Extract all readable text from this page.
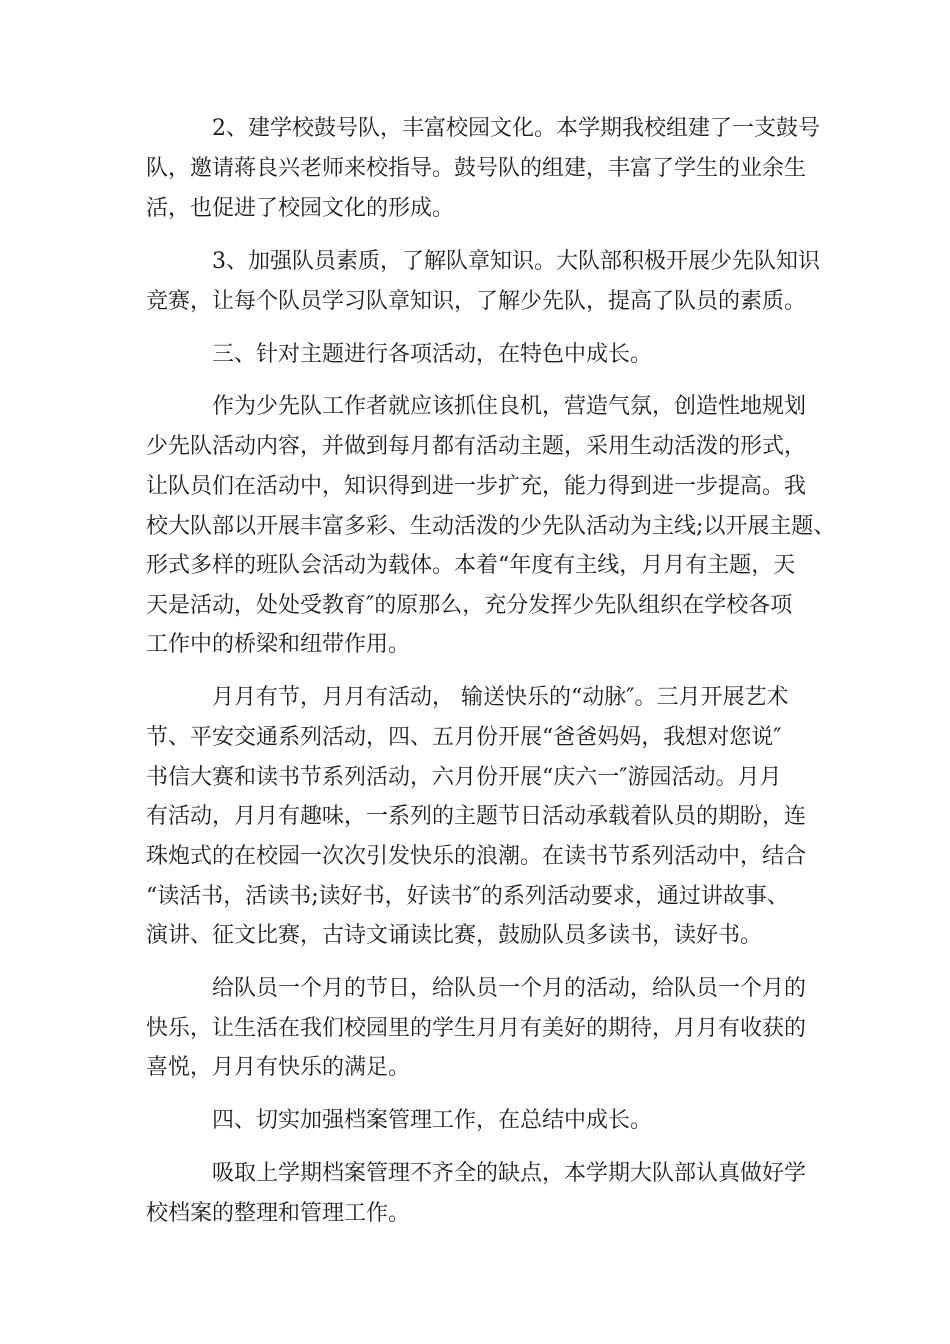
2、建学校鼓号队，丰富校园文化。本学期我校组建了一支鼓号

队，邀请蒋良兴老师来校指导。鼓号队的组建，丰富了学生的业余生

活，也促进了校园文化的形成。

3、加强队员素质，了解队章知识。大队部积极开展少先队知识

竞赛，让每个队员学习队章知识，了解少先队，提高了队员的素质。

三、针对主题进行各项活动，在特色中成长。

作为少先队工作者就应该抓住良机，营造气氛，创造性地规划

少先队活动内容，并做到每月都有活动主题，采用生动活泼的形式，

让队员们在活动中，知识得到进一步扩充，能力得到进一步提高。我

校大队部以开展丰富多彩、生动活泼的少先队活动为主线;以开展主题、

形式多样的班队会活动为载体。本着“年度有主线，月月有主题，天

天是活动，处处受教育″的原那么，充分发挥少先队组织在学校各项

工作中的桥梁和纽带作用。

月月有节，月月有活动， 输送快乐的“动脉″。三月开展艺术

节、平安交通系列活动，四、五月份开展“爸爸妈妈，我想对您说″

书信大赛和读书节系列活动，六月份开展“庆六一″游园活动。月月

有活动，月月有趣味，一系列的主题节日活动承载着队员的期盼，连

珠炮式的在校园一次次引发快乐的浪潮。在读书节系列活动中，结合

“读活书，活读书;读好书，好读书″的系列活动要求，通过讲故事、

演讲、征文比赛，古诗文诵读比赛，鼓励队员多读书，读好书。

给队员一个月的节日，给队员一个月的活动，给队员一个月的

快乐，让生活在我们校园里的学生月月有美好的期待，月月有收获的

喜悦，月月有快乐的满足。

四、切实加强档案管理工作，在总结中成长。

吸取上学期档案管理不齐全的缺点，本学期大队部认真做好学

校档案的整理和管理工作。
